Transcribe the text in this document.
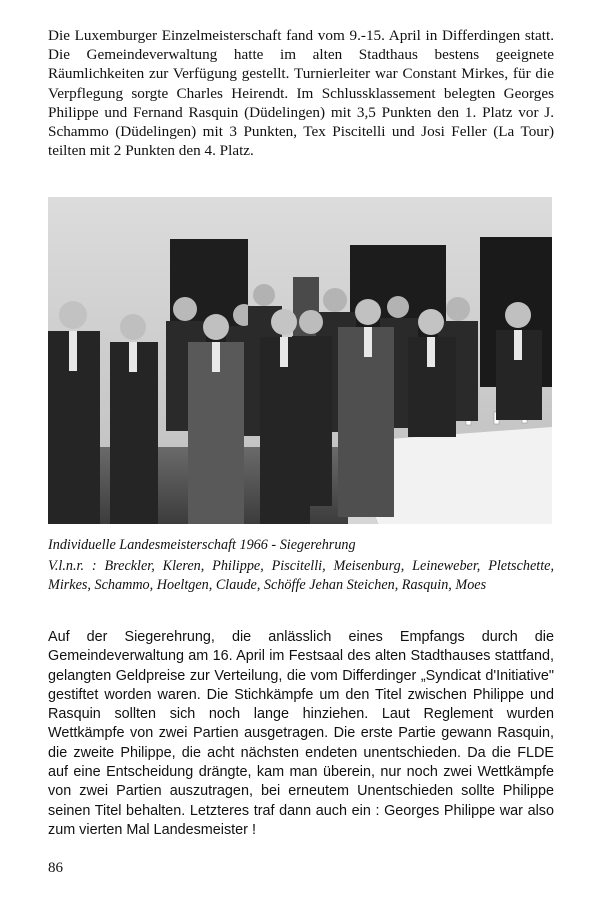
Die Luxemburger Einzelmeisterschaft fand vom 9.-15. April in Differdingen statt. Die Gemeindeverwaltung hatte im alten Stadthaus bestens geeignete Räumlichkeiten zur Verfügung gestellt. Turnierleiter war Constant Mirkes, für die Verpflegung sorgte Charles Heirendt. Im Schlussklassement belegten Georges Philippe und Fernand Rasquin (Düdelingen) mit 3,5 Punkten den 1. Platz vor J. Schammo (Düdelingen) mit 3 Punkten, Tex Piscitelli und Josi Feller (La Tour) teilten mit 2 Punkten den 4. Platz.

Individuelle Landesmeisterschaft 1966 - Siegerehrung

V.l.n.r. : Breckler, Kleren, Philippe, Piscitelli, Meisenburg, Leineweber, Pletschette, Mirkes, Schammo, Hoeltgen, Claude, Schöffe Jehan Steichen, Rasquin, Moes

Auf der Siegerehrung, die anlässlich eines Empfangs durch die Gemeindeverwaltung am 16. April im Festsaal des alten Stadthauses stattfand, gelangten Geldpreise zur Verteilung, die vom Differdinger „Syndicat d'Initiative" gestiftet worden waren. Die Stichkämpfe um den Titel zwischen Philippe und Rasquin sollten sich noch lange hinziehen. Laut Reglement wurden Wettkämpfe von zwei Partien ausgetragen. Die erste Partie gewann Rasquin, die zweite Philippe, die acht nächsten endeten unentschieden. Da die FLDE auf eine Entscheidung drängte, kam man überein, nur noch zwei Wettkämpfe von zwei Partien auszutragen, bei erneutem Unentschieden sollte Philippe seinen Titel behalten. Letzteres traf dann auch ein : Georges Philippe war also zum vierten Mal Landesmeister !

86
